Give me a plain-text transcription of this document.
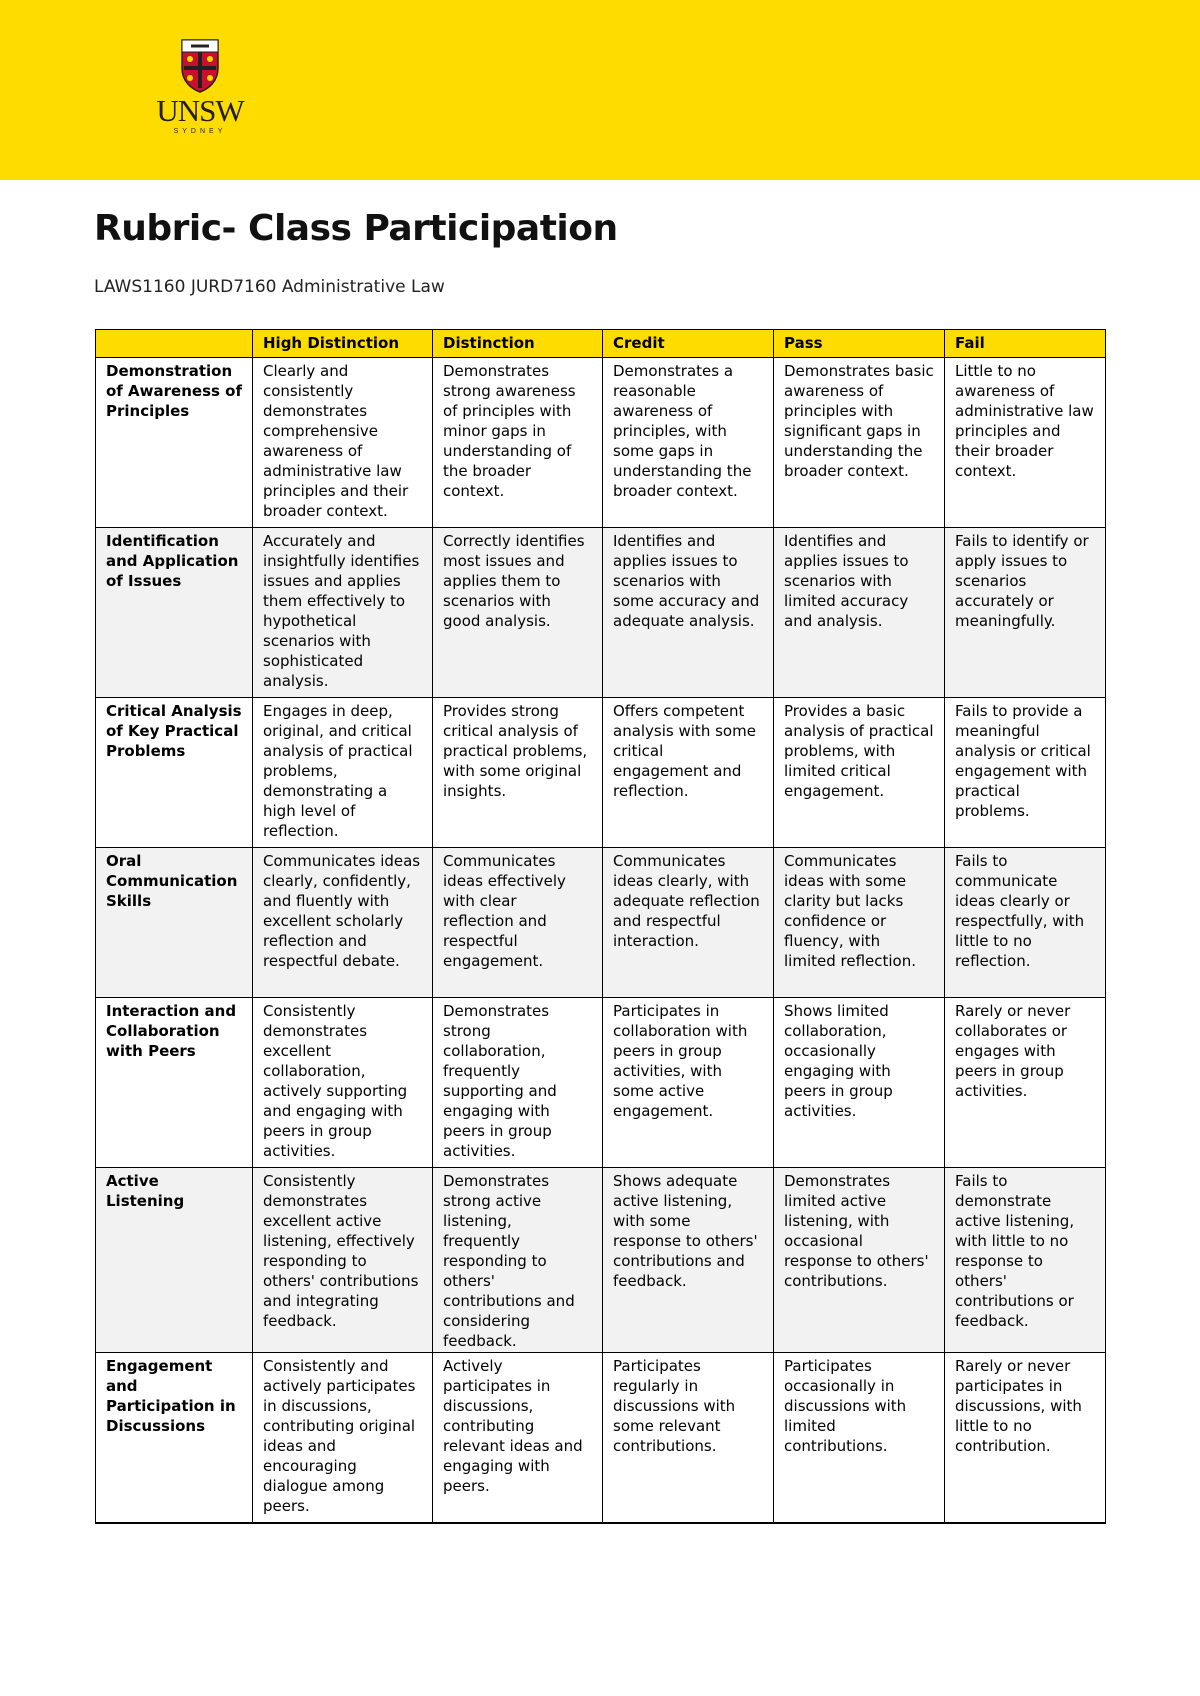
UNSW
SYDNEY
Rubric- Class Participation

LAWS1160 JURD7160 Administrative Law

	High Distinction	Distinction	Credit	Pass	Fail
Demonstration of Awareness of Principles	Clearly and consistently demonstrates comprehensive awareness of administrative law principles and their broader context.	Demonstrates strong awareness of principles with minor gaps in understanding of the broader context.	Demonstrates a reasonable awareness of principles, with some gaps in understanding the broader context.	Demonstrates basic awareness of principles with significant gaps in understanding the broader context.	Little to no awareness of administrative law principles and their broader context.
Identification and Application of Issues	Accurately and insightfully identifies issues and applies them effectively to hypothetical scenarios with sophisticated analysis.	Correctly identifies most issues and applies them to scenarios with good analysis.	Identifies and applies issues to scenarios with some accuracy and adequate analysis.	Identifies and applies issues to scenarios with limited accuracy and analysis.	Fails to identify or apply issues to scenarios accurately or meaningfully.
Critical Analysis of Key Practical Problems	Engages in deep, original, and critical analysis of practical problems, demonstrating a high level of reflection.	Provides strong critical analysis of practical problems, with some original insights.	Offers competent analysis with some critical engagement and reflection.	Provides a basic analysis of practical problems, with limited critical engagement.	Fails to provide a meaningful analysis or critical engagement with practical problems.
Oral Communication Skills	Communicates ideas clearly, confidently, and fluently with excellent scholarly reflection and respectful debate.	Communicates ideas effectively with clear reflection and respectful engagement.	Communicates ideas clearly, with adequate reflection and respectful interaction.	Communicates ideas with some clarity but lacks confidence or fluency, with limited reflection.	Fails to communicate ideas clearly or respectfully, with little to no reflection.
Interaction and Collaboration with Peers	Consistently demonstrates excellent collaboration, actively supporting and engaging with peers in group activities.	Demonstrates strong collaboration, frequently supporting and engaging with peers in group activities.	Participates in collaboration with peers in group activities, with some active engagement.	Shows limited collaboration, occasionally engaging with peers in group activities.	Rarely or never collaborates or engages with peers in group activities.
Active Listening	Consistently demonstrates excellent active listening, effectively responding to others' contributions and integrating feedback.	Demonstrates strong active listening, frequently responding to others' contributions and considering feedback.	Shows adequate active listening, with some response to others' contributions and feedback.	Demonstrates limited active listening, with occasional response to others' contributions.	Fails to demonstrate active listening, with little to no response to others' contributions or feedback.
Engagement and Participation in Discussions	Consistently and actively participates in discussions, contributing original ideas and encouraging dialogue among peers.	Actively participates in discussions, contributing relevant ideas and engaging with peers.	Participates regularly in discussions with some relevant contributions.	Participates occasionally in discussions with limited contributions.	Rarely or never participates in discussions, with little to no contribution.
